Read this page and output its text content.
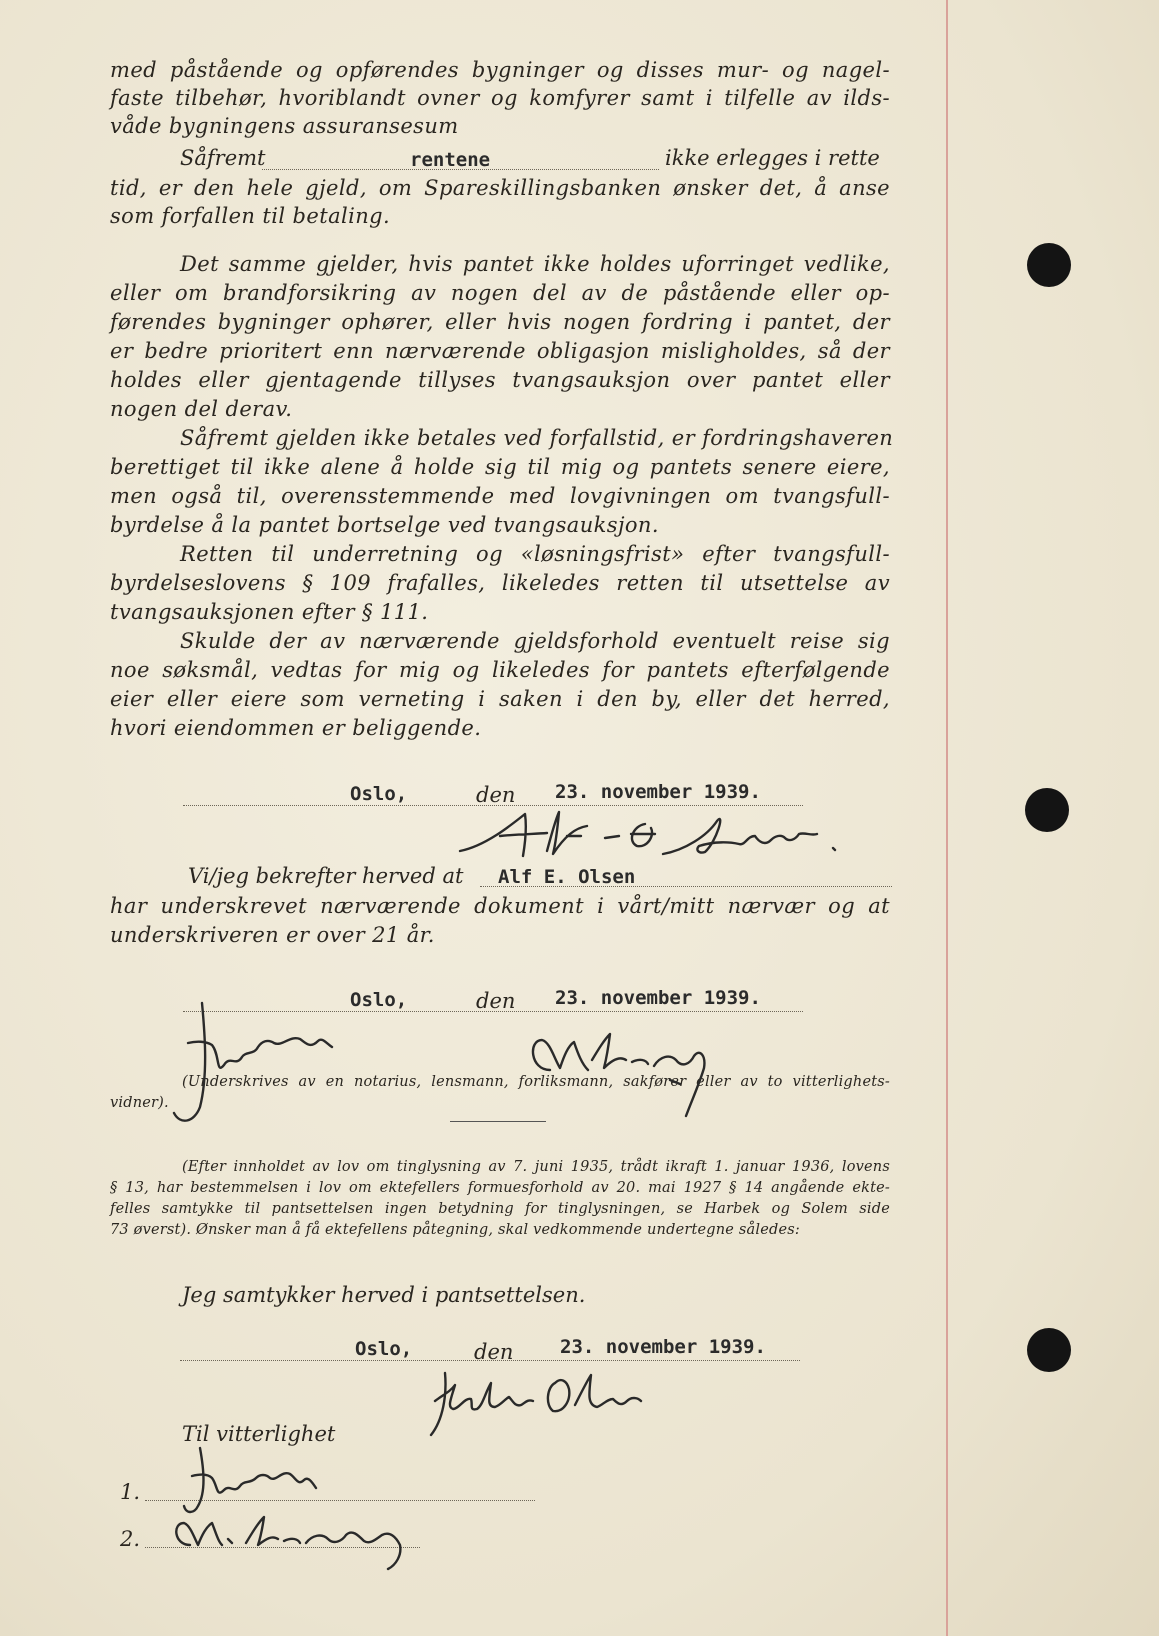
med påstående og opførendes bygninger og disses mur- og nagel-
faste tilbehør, hvoriblandt ovner og komfyrer samt i tilfelle av ilds-
våde bygningens assuransesum
Såfremt	rentene	ikke erlegges i rette
tid, er den hele gjeld, om Spareskillingsbanken ønsker det, å anse
som forfallen til betaling.
Det samme gjelder, hvis pantet ikke holdes uforringet vedlike,
eller om brandforsikring av nogen del av de påstående eller op-
førendes bygninger ophører, eller hvis nogen fordring i pantet, der
er bedre prioritert enn nærværende obligasjon misligholdes, så der
holdes eller gjentagende tillyses tvangsauksjon over pantet eller
nogen del derav.
Såfremt gjelden ikke betales ved forfallstid, er fordringshaveren
berettiget til ikke alene å holde sig til mig og pantets senere eiere,
men også til, overensstemmende med lovgivningen om tvangsfull-
byrdelse å la pantet bortselge ved tvangsauksjon.
Retten til underretning og «løsningsfrist» efter tvangsfull-
byrdelseslovens § 109 frafalles, likeledes retten til utsettelse av
tvangsauksjonen efter § 111.
Skulde der av nærværende gjeldsforhold eventuelt reise sig
noe søksmål, vedtas for mig og likeledes for pantets efterfølgende
eier eller eiere som verneting i saken i den by, eller det herred,
hvori eiendommen er beliggende.
Oslo,	den 23. november 1939.
Vi/jeg bekrefter herved at Alf E. Olsen
har underskrevet nærværende dokument i vårt/mitt nærvær og at
underskriveren er over 21 år.
Oslo,	den 23. november 1939.
(Underskrives av en notarius, lensmann, forliksmann, sakfører eller av to vitterlighets-
vidner).
(Efter innholdet av lov om tinglysning av 7. juni 1935, trådt ikraft 1. januar 1936, lovens
§ 13, har bestemmelsen i lov om ektefellers formuesforhold av 20. mai 1927 § 14 angående ekte-
felles samtykke til pantsettelsen ingen betydning for tinglysningen, se Harbek og Solem side
73 øverst). Ønsker man å få ektefellens påtegning, skal vedkommende undertegne således:
Jeg samtykker herved i pantsettelsen.
Oslo,	den 23. november 1939.
Til vitterlighet
1.
2.
